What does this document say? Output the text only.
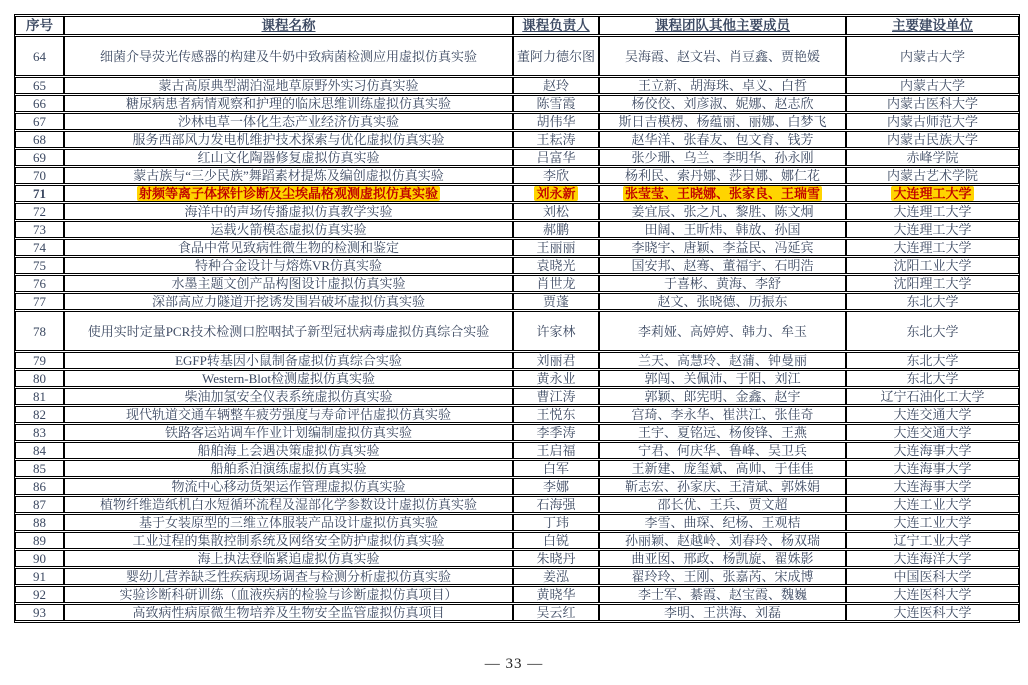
序号	课程名称	课程负责人	课程团队其他主要成员	主要建设单位
64	细菌介导荧光传感器的构建及牛奶中致病菌检测应用虚拟仿真实验	董阿力德尔图	吴海霞、赵文岩、肖豆鑫、贾艳媛	内蒙古大学
65	蒙古高原典型湖泊湿地草原野外实习仿真实验	赵玲	王立新、胡海珠、卓义、白哲	内蒙古大学
66	糖尿病患者病情观察和护理的临床思维训练虚拟仿真实验	陈雪霞	杨佼佼、刘彦淑、妮娜、赵志欣	内蒙古医科大学
67	沙林电草一体化生态产业经济仿真实验	胡伟华	斯日吉模楞、杨蕴丽、丽娜、白梦飞	内蒙古师范大学
68	服务西部风力发电机维护技术探索与优化虚拟仿真实验	王耘涛	赵华洋、张春友、包文育、钱芳	内蒙古民族大学
69	红山文化陶器修复虚拟仿真实验	吕富华	张少珊、乌兰、李明华、孙永刚	赤峰学院
70	蒙古族与“三少民族”舞蹈素材提炼及编创虚拟仿真实验	李欣	杨利民、索丹娜、莎日娜、娜仁花	内蒙古艺术学院
71	射频等离子体探针诊断及尘埃晶格观测虚拟仿真实验	刘永新	张莹莹、王晓娜、张家良、王瑞雪	大连理工大学
72	海洋中的声场传播虚拟仿真教学实验	刘松	姜宜辰、张之凡、黎胜、陈文炯	大连理工大学
73	运载火箭模态虚拟仿真实验	郝鹏	田阔、王昕炜、韩放、孙国	大连理工大学
74	食品中常见致病性微生物的检测和鉴定	王丽丽	李晓宇、唐颖、李益民、冯延宾	大连理工大学
75	特种合金设计与熔炼VR仿真实验	袁晓光	国安邦、赵骞、董福宇、石明浩	沈阳工业大学
76	水墨主题文创产品构图设计虚拟仿真实验	肖世龙	于喜彬、黄海、李舒	沈阳理工大学
77	深部高应力隧道开挖诱发围岩破坏虚拟仿真实验	贾蓬	赵文、张晓德、历振东	东北大学
78	使用实时定量PCR技术检测口腔咽拭子新型冠状病毒虚拟仿真综合实验	许家林	李莉娅、高婷婷、韩力、牟玉	东北大学
79	EGFP转基因小鼠制备虚拟仿真综合实验	刘丽君	兰天、高慧玲、赵蒲、钟曼丽	东北大学
80	Western-Blot检测虚拟仿真实验	黄永业	郭闯、关佩沛、于阳、刘江	东北大学
81	柴油加氢安全仪表系统虚拟仿真实验	曹江涛	郭颖、郎宪明、金鑫、赵宇	辽宁石油化工大学
82	现代轨道交通车辆整车疲劳强度与寿命评估虚拟仿真实验	王悦东	宫琦、李永华、崔洪江、张佳奇	大连交通大学
83	铁路客运站调车作业计划编制虚拟仿真实验	李季涛	王宇、夏铭远、杨俊锋、王燕	大连交通大学
84	船舶海上会遇决策虚拟仿真实验	王启福	宁君、何庆华、鲁峰、吴卫兵	大连海事大学
85	船舶系泊演练虚拟仿真实验	白军	王新建、庞玺斌、高帅、于佳佳	大连海事大学
86	物流中心移动货架运作管理虚拟仿真实验	李娜	靳志宏、孙家庆、王清斌、郭姝娟	大连海事大学
87	植物纤维造纸机白水短循环流程及湿部化学参数设计虚拟仿真实验	石海强	邵长优、王兵、贾文超	大连工业大学
88	基于女装原型的三维立体服装产品设计虚拟仿真实验	丁玮	李雪、曲琛、纪杨、王观桔	大连工业大学
89	工业过程的集散控制系统及网络安全防护虚拟仿真实验	白锐	孙丽颖、赵越岭、刘春玲、杨双瑞	辽宁工业大学
90	海上执法登临紧追虚拟仿真实验	朱晓丹	曲亚囡、邢政、杨凯旋、翟姝影	大连海洋大学
91	婴幼儿营养缺乏性疾病现场调查与检测分析虚拟仿真实验	姜泓	翟玲玲、王刚、张嘉芮、宋成博	中国医科大学
92	实验诊断科研训练（血液疾病的检验与诊断虚拟仿真项目）	黄晓华	李士军、綦霞、赵宝霞、魏巍	大连医科大学
93	高致病性病原微生物培养及生物安全监管虚拟仿真项目	吴云红	李明、王洪海、刘磊	大连医科大学
— 33 —
